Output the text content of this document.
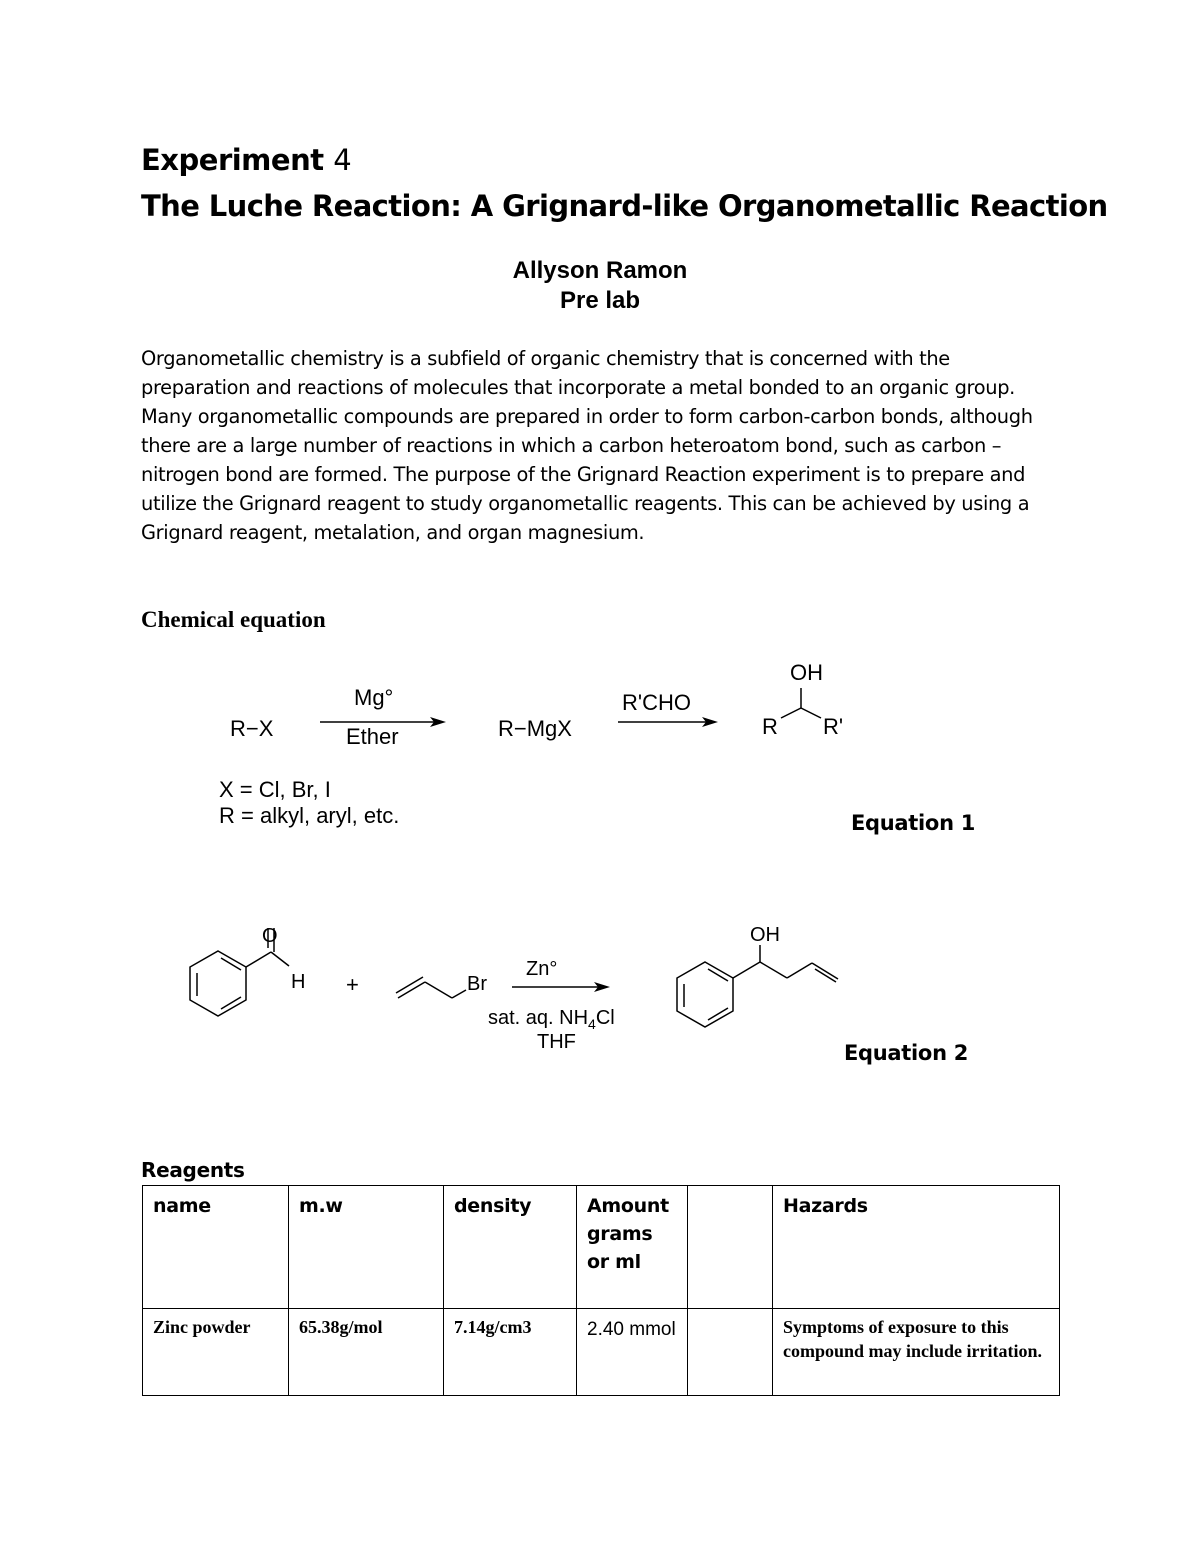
Experiment 4
The Luche Reaction: A Grignard-like Organometallic Reaction
Allyson Ramon
Pre lab
Organometallic chemistry is a subfield of organic chemistry that is concerned with the
preparation and reactions of molecules that incorporate a metal bonded to an organic group.
Many organometallic compounds are prepared in order to form carbon-carbon bonds, although
there are a large number of reactions in which a carbon heteroatom bond, such as carbon –
nitrogen bond are formed. The purpose of the Grignard Reaction experiment is to prepare and
utilize the Grignard reagent to study organometallic reagents. This can be achieved by using a
Grignard reagent, metalation, and organ magnesium.
Chemical equation
R−X
Mg°
Ether	R−MgX
R'CHO
OH
R R'
X = Cl, Br, I
R = alkyl, aryl, etc.
O
H +	Br
Zn°
sat. aq. $NH_4Cl$
THF
OH
Equation 1
Equation 2
Reagents
name	m.w	density	Amount grams or ml		Hazards
Zinc powder	65.38g/mol	7.14g/cm3	2.40 mmol		Symptoms of exposure to this compound may include irritation.
